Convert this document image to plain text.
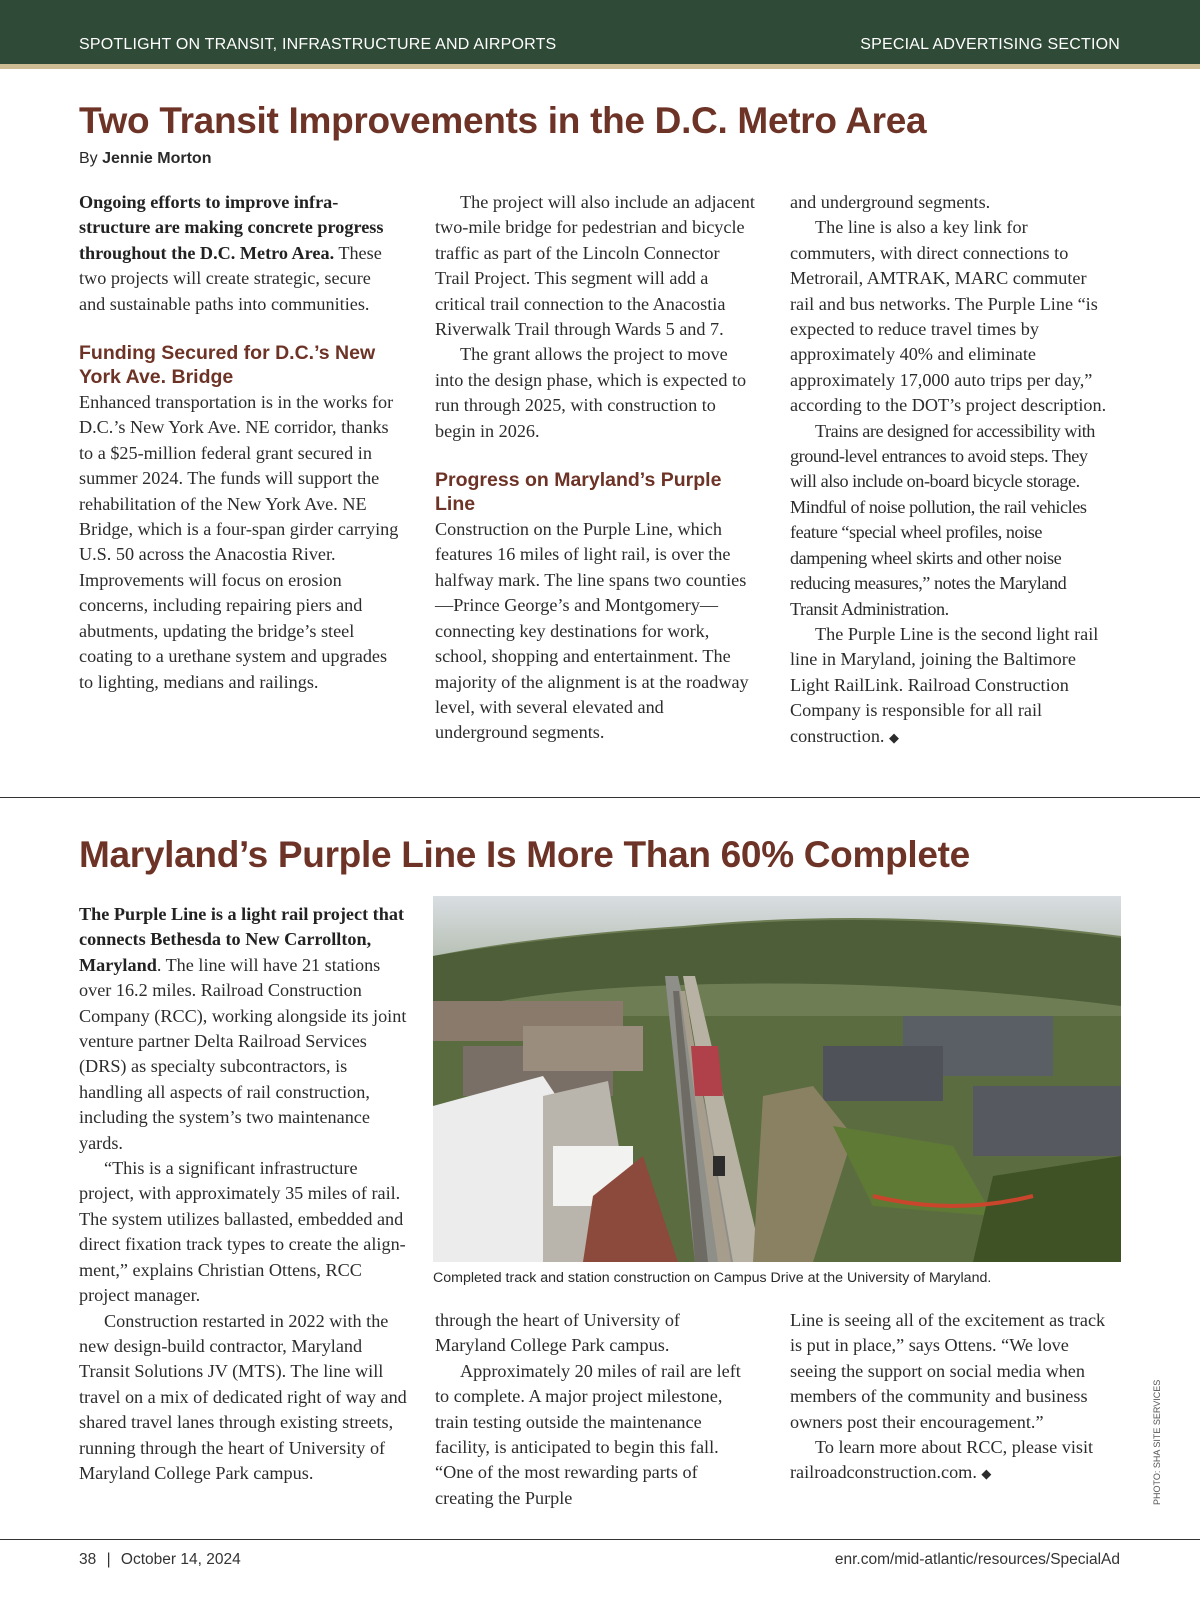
SPOTLIGHT ON TRANSIT, INFRASTRUCTURE AND AIRPORTS	SPECIAL ADVERTISING SECTION
Two Transit Improvements in the D.C. Metro Area
By Jennie Morton

Ongoing efforts to improve infrastructure are making concrete progress throughout the D.C. Metro Area. These two projects will create strategic, secure and sustainable paths into communities.

Funding Secured for D.C.’s New York Ave. Bridge

Enhanced transportation is in the works for D.C.’s New York Ave. NE corridor, thanks to a $25-million federal grant secured in summer 2024. The funds will support the rehabilitation of the New York Ave. NE Bridge, which is a four-span girder carrying U.S. 50 across the Anacostia River. Improvements will focus on erosion concerns, including repairing piers and abutments, updating the bridge’s steel coating to a urethane system and upgrades to lighting, medians and railings.

The project will also include an adjacent two-mile bridge for pedestrian and bicycle traffic as part of the Lincoln Connector Trail Project. This segment will add a critical trail connection to the Anacostia Riverwalk Trail through Wards 5 and 7.

The grant allows the project to move into the design phase, which is expected to run through 2025, with construction to begin in 2026.

Progress on Maryland’s Purple Line

Construction on the Purple Line, which features 16 miles of light rail, is over the halfway mark. The line spans two counties—Prince George’s and Montgomery—connecting key destinations for work, school, shopping and entertainment. The majority of the alignment is at the roadway level, with several elevated and underground segments.

and underground segments.

The line is also a key link for commuters, with direct connections to Metrorail, AMTRAK, MARC commuter rail and bus networks. The Purple Line “is expected to reduce travel times by approximately 40% and eliminate approximately 17,000 auto trips per day,” according to the DOT’s project description.

Trains are designed for accessibility with ground-level entrances to avoid steps. They will also include on-board bicycle storage. Mindful of noise pollution, the rail vehicles feature “special wheel profiles, noise dampening wheel skirts and other noise reducing measures,” notes the Maryland Transit Administration.

The Purple Line is the second light rail line in Maryland, joining the Baltimore Light RailLink. Railroad Construction Company is responsible for all rail construction. ◆

Maryland’s Purple Line Is More Than 60% Complete

The Purple Line is a light rail project that connects Bethesda to New Carrollton, Maryland. The line will have 21 stations over 16.2 miles. Railroad Construction Company (RCC), working alongside its joint venture partner Delta Railroad Services (DRS) as specialty subcontractors, is handling all aspects of rail construction, including the system’s two maintenance yards.

“This is a significant infrastructure project, with approximately 35 miles of rail. The system utilizes ballasted, embedded and direct fixation track types to create the alignment,” explains Christian Ottens, RCC project manager.

Construction restarted in 2022 with the new design-build contractor, Maryland Transit Solutions JV (MTS). The line will travel on a mix of dedicated right of way and shared travel lanes through existing streets, running through the heart of University of Maryland College Park campus.

Completed track and station construction on Campus Drive at the University of Maryland.
PHOTO: SHA SITE SERVICES

through the heart of University of Maryland College Park campus.

Approximately 20 miles of rail are left to complete. A major project milestone, train testing outside the maintenance facility, is anticipated to begin this fall. “One of the most rewarding parts of creating the Purple

Line is seeing all of the excitement as track is put in place,” says Ottens. “We love seeing the support on social media when members of the community and business owners post their encouragement.”

To learn more about RCC, please visit railroadconstruction.com. ◆

38 | October 14, 2024	enr.com/mid-atlantic/resources/SpecialAd
